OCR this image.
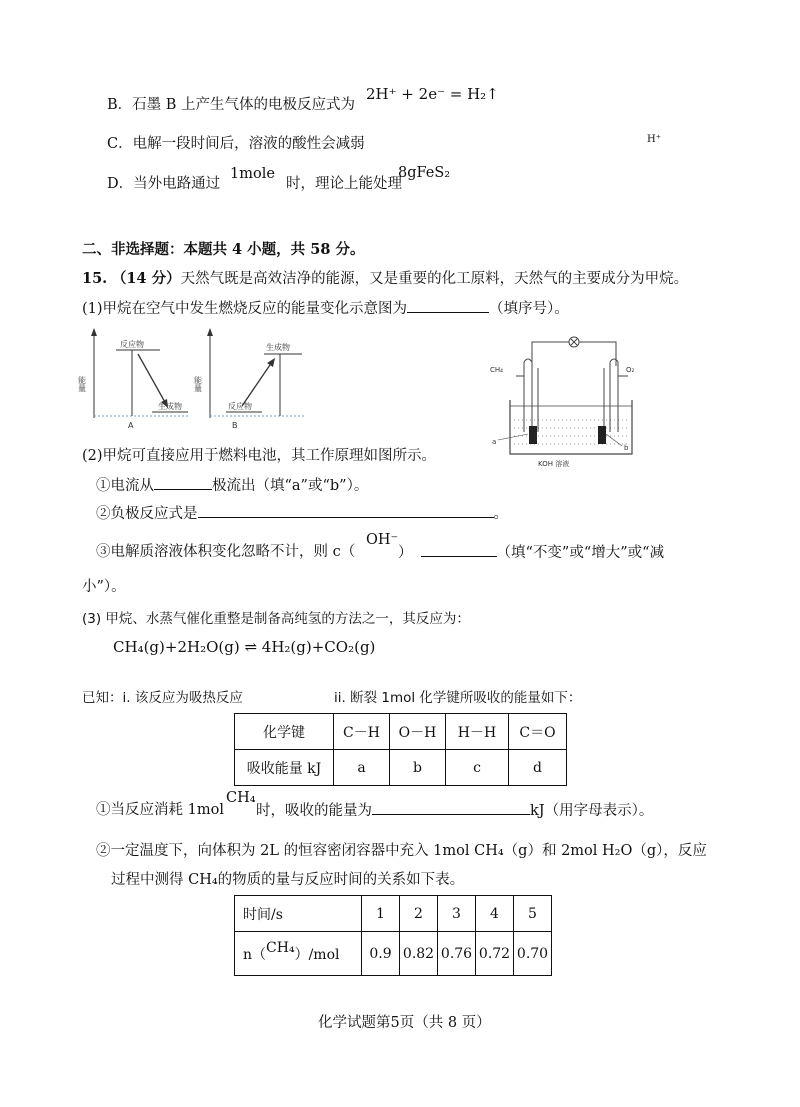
B．石墨 B 上产生气体的电极反应式为
2H⁺ + 2e⁻ = H₂↑
C．电解一段时间后，溶液的酸性会减弱	H⁺
D．当外电路通过
1mole
时，理论上能处理
8gFeS₂
二、非选择题：本题共 4 小题，共 58 分。
15. （14 分）天然气既是高效洁净的能源，又是重要的化工原料，天然气的主要成分为甲烷。
(1)甲烷在空气中发生燃烧反应的能量变化示意图为	（填序号）。
能量
反应物
生成物
A
能量
生成物
反应物
B
CH₄	O₂
a
b
KOH 溶液
(2)甲烷可直接应用于燃料电池，其工作原理如图所示。
①电流从	极流出（填“a”或“b”）。
②负极反应式是	。
③电解质溶液体积变化忽略不计，则 c（
OH⁻
）	（填“不变”或“增大”或“减
小”）。
(3) 甲烷、水蒸气催化重整是制备高纯氢的方法之一，其反应为：
CH₄(g)+2H₂O(g) ⇌ 4H₂(g)+CO₂(g)
已知：i. 该反应为吸热反应	ii. 断裂 1mol 化学键所吸收的能量如下：
化学键	C－H	O－H	H－H	C＝O
吸收能量 kJ	a	b	c	d
①当反应消耗 1mol
CH₄
时，吸收的能量为	kJ（用字母表示）。
②一定温度下，向体积为 2L 的恒容密闭容器中充入 1mol CH₄（g）和 2mol H₂O（g），反应
过程中测得 CH₄的物质的量与反应时间的关系如下表。
时间/s	1	2	3	4	5
n（CH₄）/mol	0.9	0.82	0.76	0.72	0.70
化学试题第5页（共 8 页）
